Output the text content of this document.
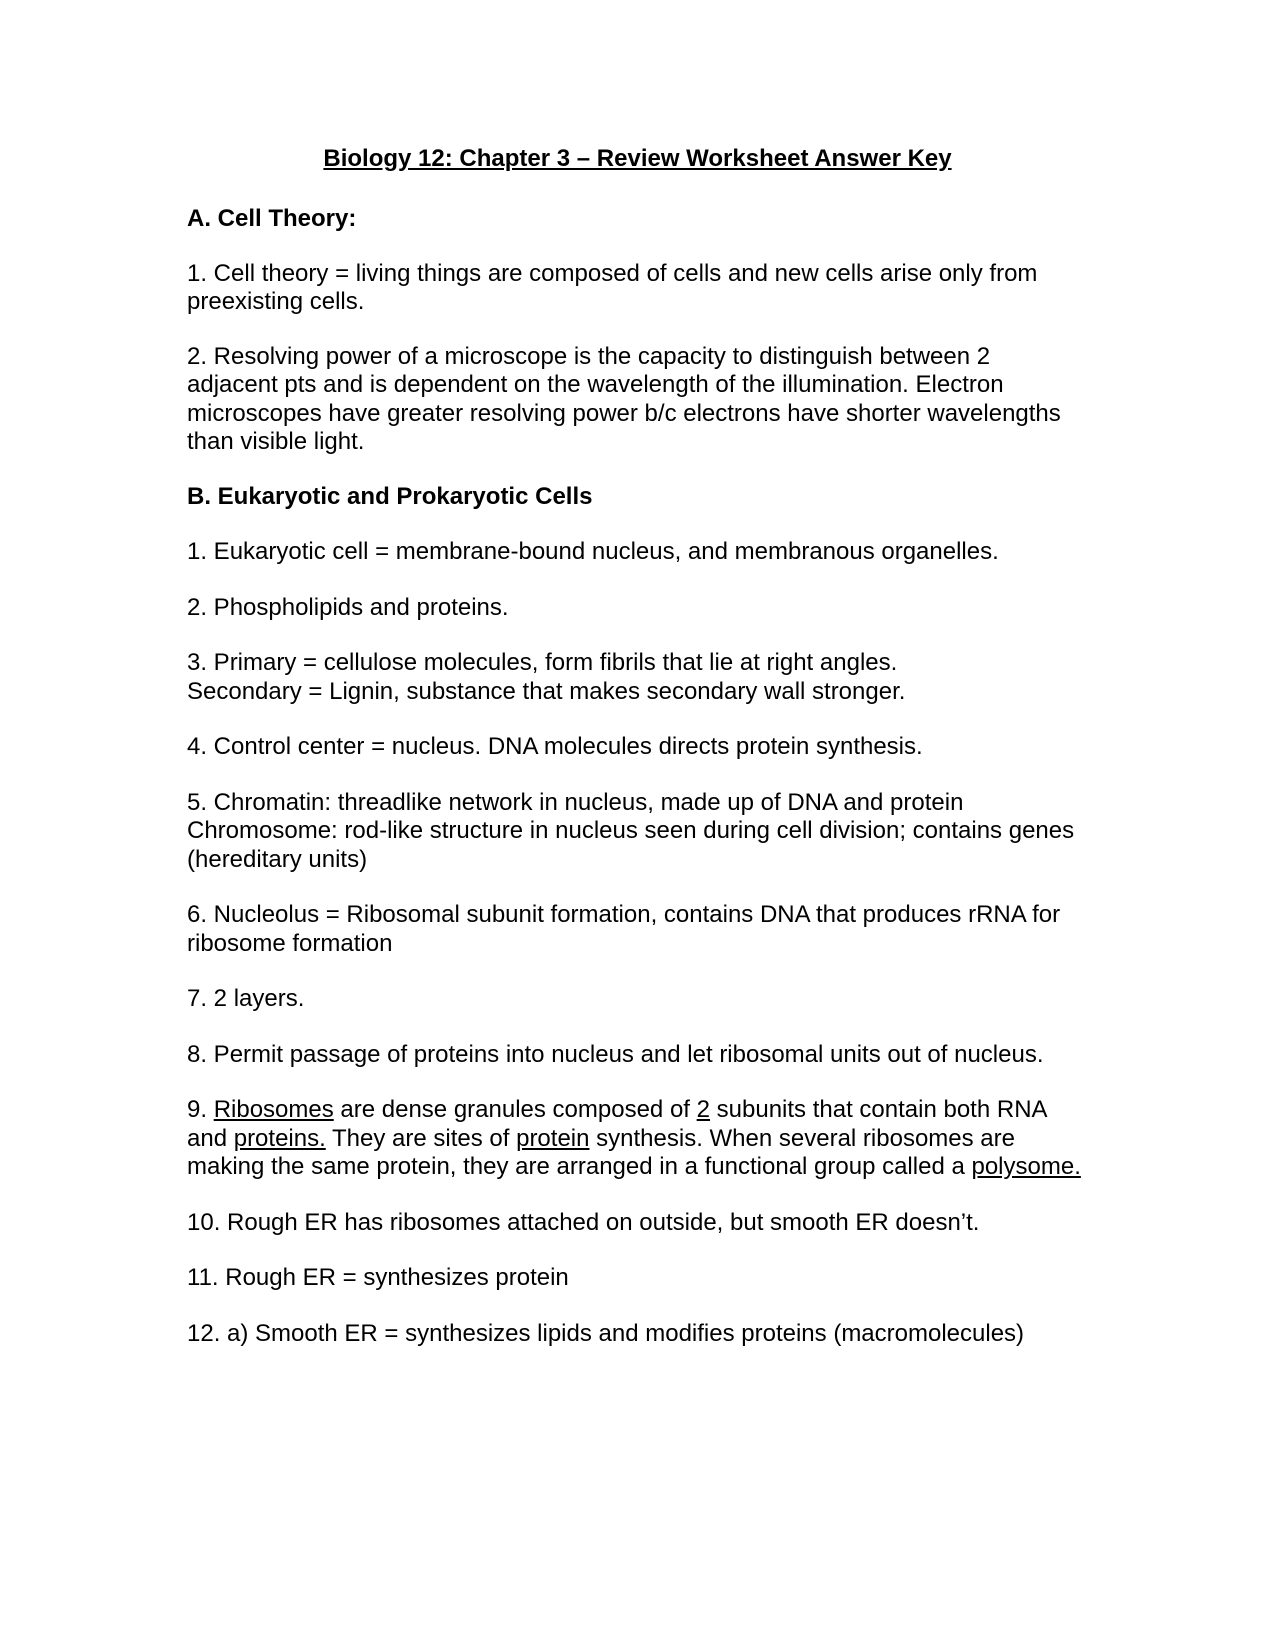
Biology 12: Chapter 3 – Review Worksheet Answer Key

A. Cell Theory:

1. Cell theory = living things are composed of cells and new cells arise only from preexisting cells.

2. Resolving power of a microscope is the capacity to distinguish between 2 adjacent pts and is dependent on the wavelength of the illumination. Electron microscopes have greater resolving power b/c electrons have shorter wavelengths than visible light.

B. Eukaryotic and Prokaryotic Cells

1. Eukaryotic cell = membrane-bound nucleus, and membranous organelles.

2. Phospholipids and proteins.

3. Primary = cellulose molecules, form fibrils that lie at right angles.

Secondary = Lignin, substance that makes secondary wall stronger.

4. Control center = nucleus. DNA molecules directs protein synthesis.

5. Chromatin: threadlike network in nucleus, made up of DNA and protein

Chromosome: rod-like structure in nucleus seen during cell division; contains genes (hereditary units)

6. Nucleolus = Ribosomal subunit formation, contains DNA that produces rRNA for ribosome formation

7. 2 layers.

8. Permit passage of proteins into nucleus and let ribosomal units out of nucleus.

9. Ribosomes are dense granules composed of 2 subunits that contain both RNA and proteins. They are sites of protein synthesis. When several ribosomes are making the same protein, they are arranged in a functional group called a polysome.

10. Rough ER has ribosomes attached on outside, but smooth ER doesn’t.

11. Rough ER = synthesizes protein

12. a) Smooth ER = synthesizes lipids and modifies proteins (macromolecules)
